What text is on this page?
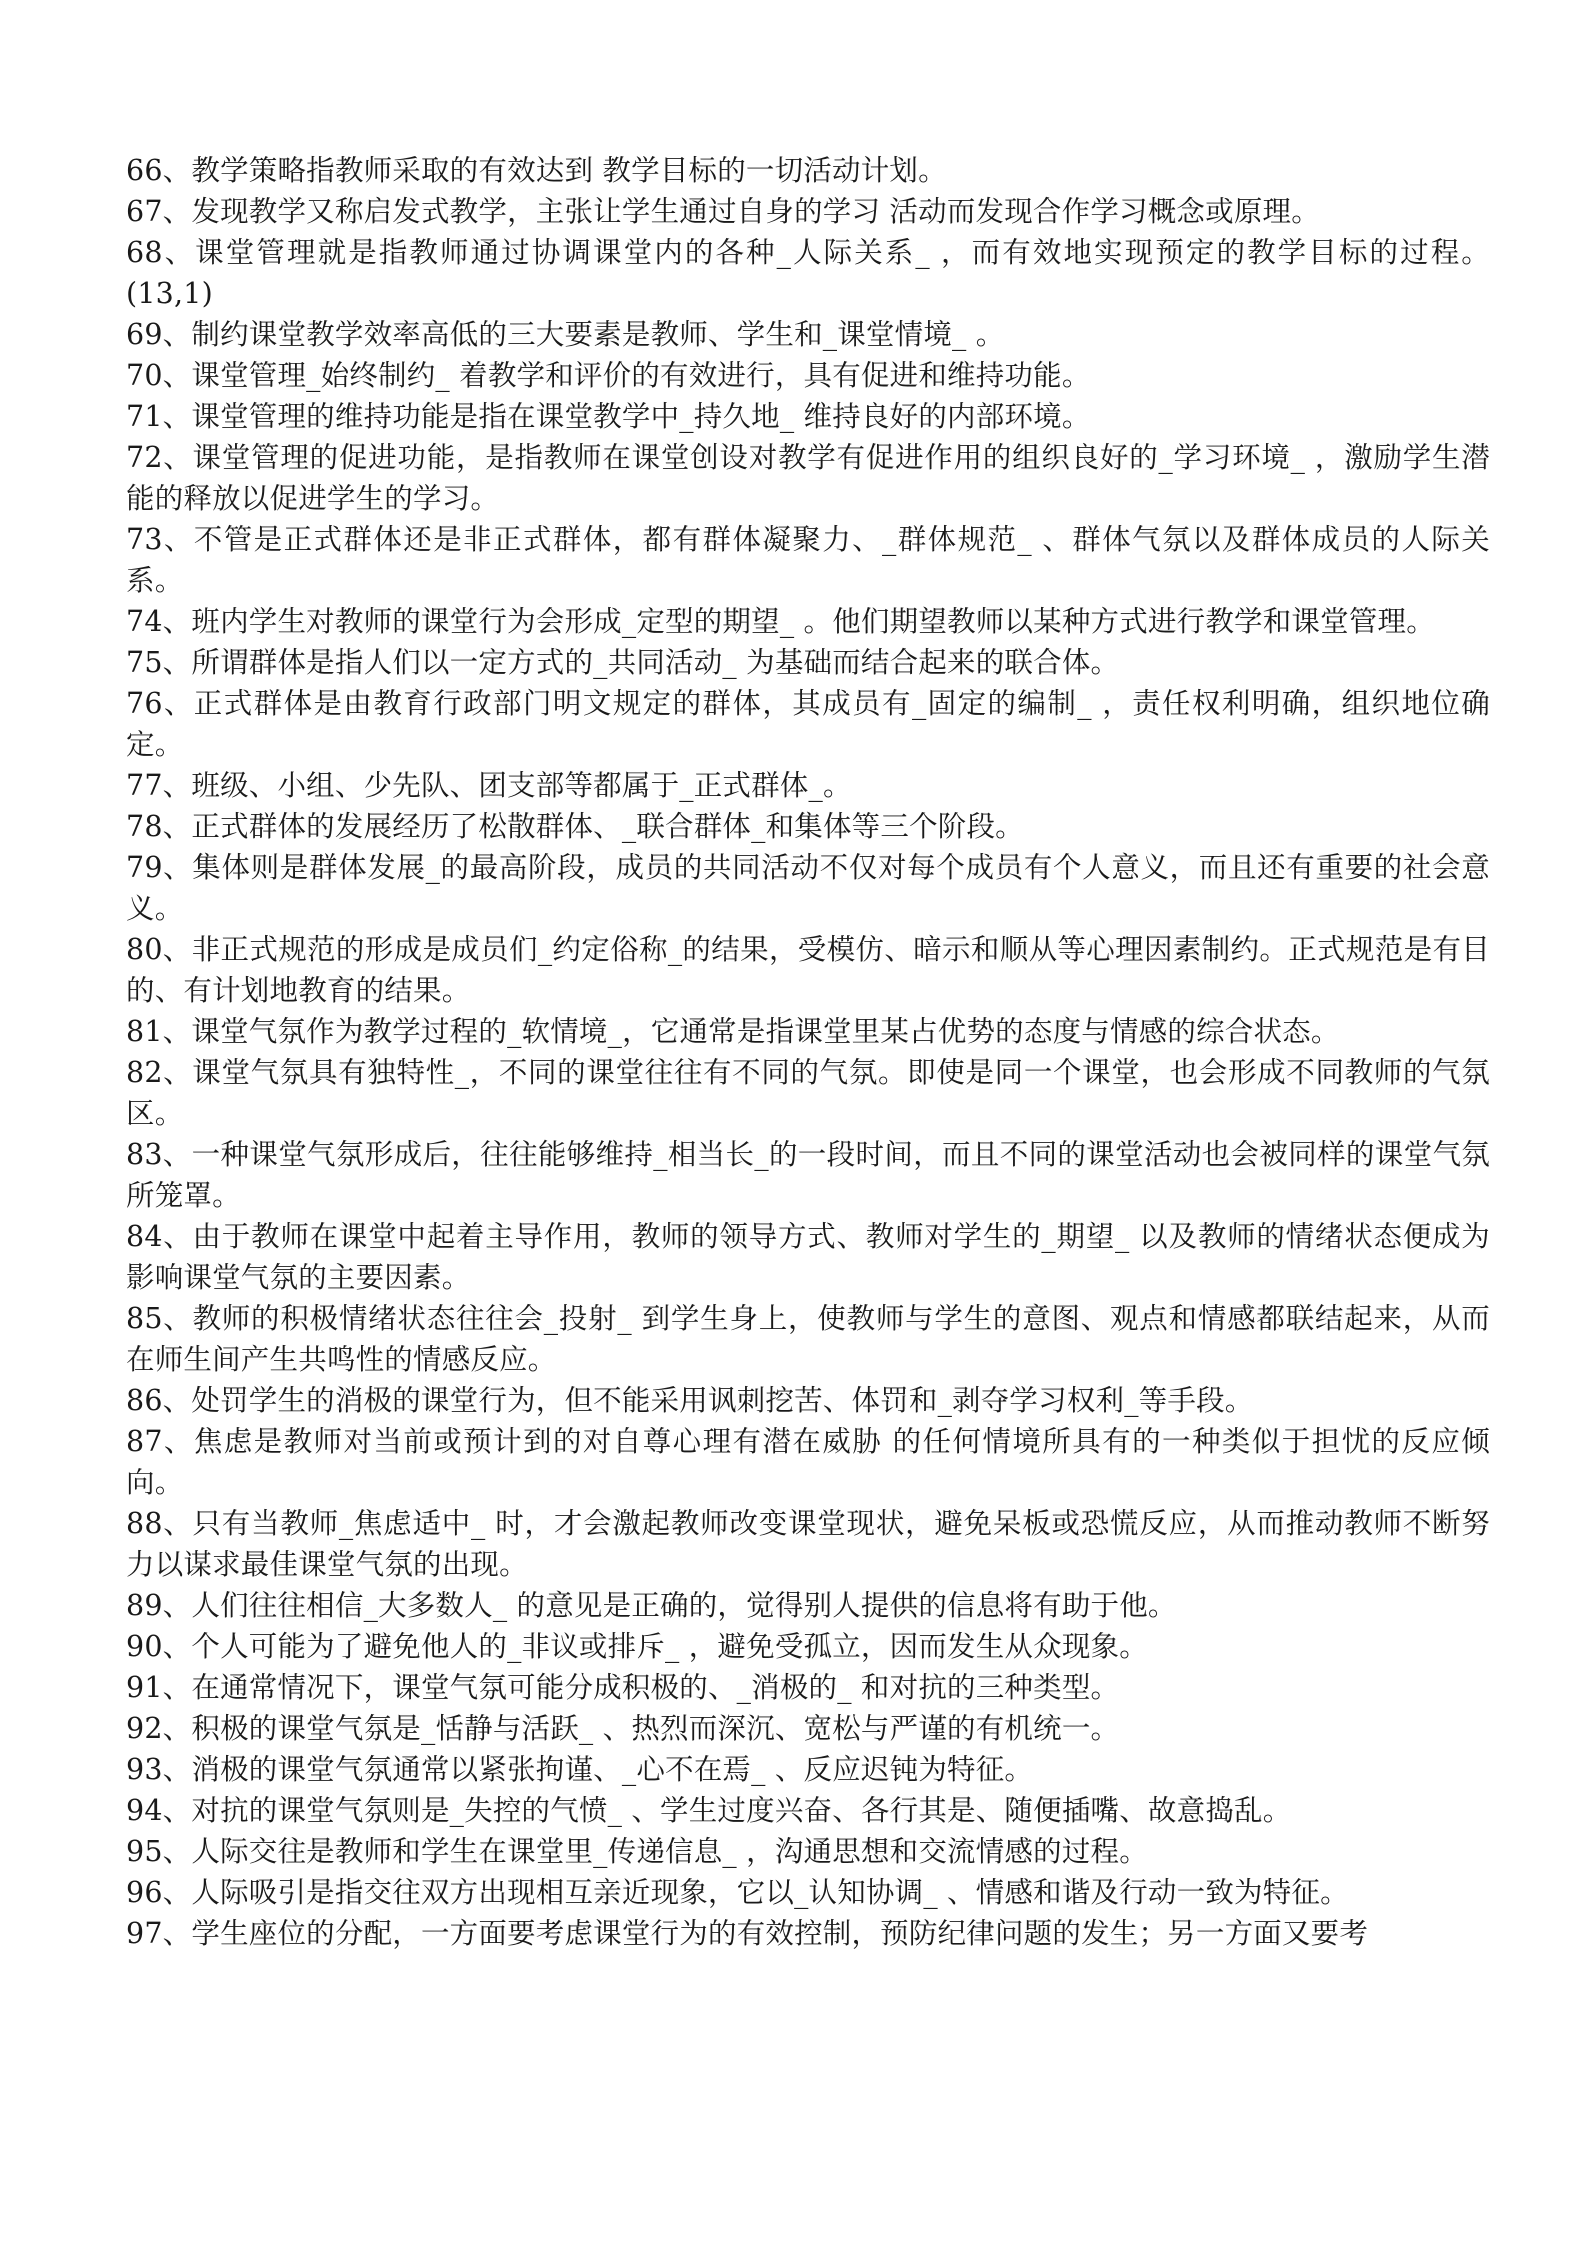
66、教学策略指教师采取的有效达到 教学目标的一切活动计划。

67、发现教学又称启发式教学，主张让学生通过自身的学习 活动而发现合作学习概念或原理。

68、课堂管理就是指教师通过协调课堂内的各种_人际关系_ ，而有效地实现预定的教学目标的过程。(13,1)

69、制约课堂教学效率高低的三大要素是教师、学生和_课堂情境_ 。

70、课堂管理_始终制约_ 着教学和评价的有效进行，具有促进和维持功能。

71、课堂管理的维持功能是指在课堂教学中_持久地_ 维持良好的内部环境。

72、课堂管理的促进功能，是指教师在课堂创设对教学有促进作用的组织良好的_学习环境_ ，激励学生潜能的释放以促进学生的学习。

73、不管是正式群体还是非正式群体，都有群体凝聚力、_群体规范_ 、群体气氛以及群体成员的人际关系。

74、班内学生对教师的课堂行为会形成_定型的期望_ 。他们期望教师以某种方式进行教学和课堂管理。

75、所谓群体是指人们以一定方式的_共同活动_ 为基础而结合起来的联合体。

76、正式群体是由教育行政部门明文规定的群体，其成员有_固定的编制_ ，责任权利明确，组织地位确定。

77、班级、小组、少先队、团支部等都属于_正式群体_。

78、正式群体的发展经历了松散群体、_联合群体_和集体等三个阶段。

79、集体则是群体发展_的最高阶段，成员的共同活动不仅对每个成员有个人意义，而且还有重要的社会意义。

80、非正式规范的形成是成员们_约定俗称_的结果，受模仿、暗示和顺从等心理因素制约。正式规范是有目的、有计划地教育的结果。

81、课堂气氛作为教学过程的_软情境_，它通常是指课堂里某占优势的态度与情感的综合状态。

82、课堂气氛具有独特性_，不同的课堂往往有不同的气氛。即使是同一个课堂，也会形成不同教师的气氛区。

83、一种课堂气氛形成后，往往能够维持_相当长_的一段时间，而且不同的课堂活动也会被同样的课堂气氛所笼罩。

84、由于教师在课堂中起着主导作用，教师的领导方式、教师对学生的_期望_ 以及教师的情绪状态便成为影响课堂气氛的主要因素。

85、教师的积极情绪状态往往会_投射_ 到学生身上，使教师与学生的意图、观点和情感都联结起来，从而在师生间产生共鸣性的情感反应。

86、处罚学生的消极的课堂行为，但不能采用讽刺挖苦、体罚和_剥夺学习权利_等手段。

87、焦虑是教师对当前或预计到的对自尊心理有潜在威胁 的任何情境所具有的一种类似于担忧的反应倾向。

88、只有当教师_焦虑适中_ 时，才会激起教师改变课堂现状，避免呆板或恐慌反应，从而推动教师不断努力以谋求最佳课堂气氛的出现。

89、人们往往相信_大多数人_ 的意见是正确的，觉得别人提供的信息将有助于他。

90、个人可能为了避免他人的_非议或排斥_ ，避免受孤立，因而发生从众现象。

91、在通常情况下，课堂气氛可能分成积极的、_消极的_ 和对抗的三种类型。

92、积极的课堂气氛是_恬静与活跃_ 、热烈而深沉、宽松与严谨的有机统一。

93、消极的课堂气氛通常以紧张拘谨、_心不在焉_ 、反应迟钝为特征。

94、对抗的课堂气氛则是_失控的气愤_ 、学生过度兴奋、各行其是、随便插嘴、故意捣乱。

95、人际交往是教师和学生在课堂里_传递信息_ ，沟通思想和交流情感的过程。

96、人际吸引是指交往双方出现相互亲近现象，它以_认知协调_ 、情感和谐及行动一致为特征。

97、学生座位的分配，一方面要考虑课堂行为的有效控制，预防纪律问题的发生；另一方面又要考
